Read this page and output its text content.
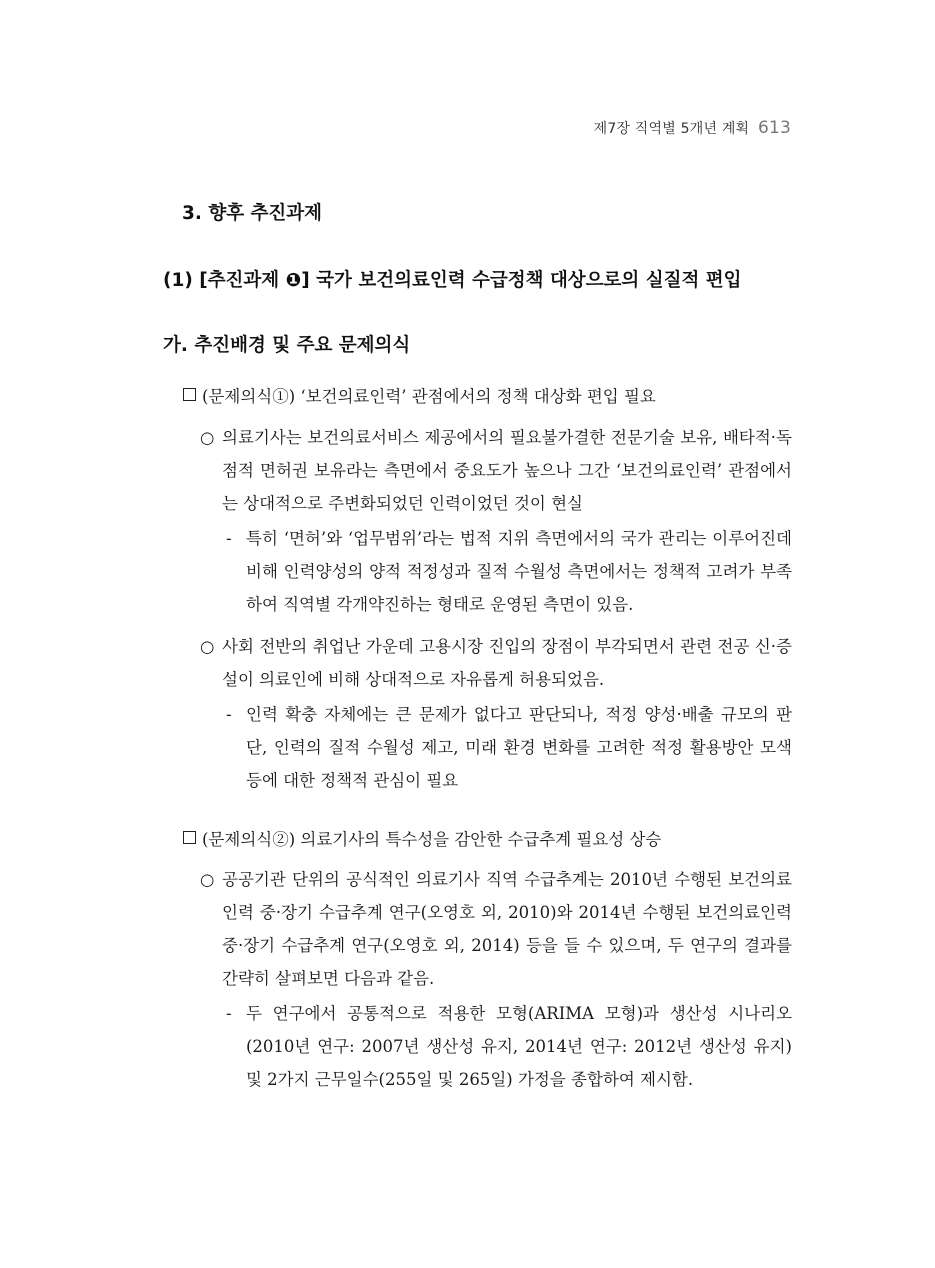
제7장 직역별 5개년 계획 613
3. 향후 추진과제
(1) [추진과제 ❶] 국가 보건의료인력 수급정책 대상으로의 실질적 편입
가. 추진배경 및 주요 문제의식
(문제의식①) ‘보건의료인력’ 관점에서의 정책 대상화 편입 필요
○ 의료기사는 보건의료서비스 제공에서의 필요불가결한 전문기술 보유, 배타적·독점적 면허권 보유라는 측면에서 중요도가 높으나 그간 ‘보건의료인력’ 관점에서는 상대적으로 주변화되었던 인력이었던 것이 현실
- 특히 ‘면허’와 ‘업무범위’라는 법적 지위 측면에서의 국가 관리는 이루어진데 비해 인력양성의 양적 적정성과 질적 수월성 측면에서는 정책적 고려가 부족하여 직역별 각개약진하는 형태로 운영된 측면이 있음.
○ 사회 전반의 취업난 가운데 고용시장 진입의 장점이 부각되면서 관련 전공 신·증설이 의료인에 비해 상대적으로 자유롭게 허용되었음.
- 인력 확충 자체에는 큰 문제가 없다고 판단되나, 적정 양성·배출 규모의 판단, 인력의 질적 수월성 제고, 미래 환경 변화를 고려한 적정 활용방안 모색 등에 대한 정책적 관심이 필요
(문제의식②) 의료기사의 특수성을 감안한 수급추계 필요성 상승
○ 공공기관 단위의 공식적인 의료기사 직역 수급추계는 2010년 수행된 보건의료인력 중·장기 수급추계 연구(오영호 외, 2010)와 2014년 수행된 보건의료인력 중·장기 수급추계 연구(오영호 외, 2014) 등을 들 수 있으며, 두 연구의 결과를 간략히 살펴보면 다음과 같음.
- 두 연구에서 공통적으로 적용한 모형(ARIMA 모형)과 생산성 시나리오(2010년 연구: 2007년 생산성 유지, 2014년 연구: 2012년 생산성 유지) 및 2가지 근무일수(255일 및 265일) 가정을 종합하여 제시함.
